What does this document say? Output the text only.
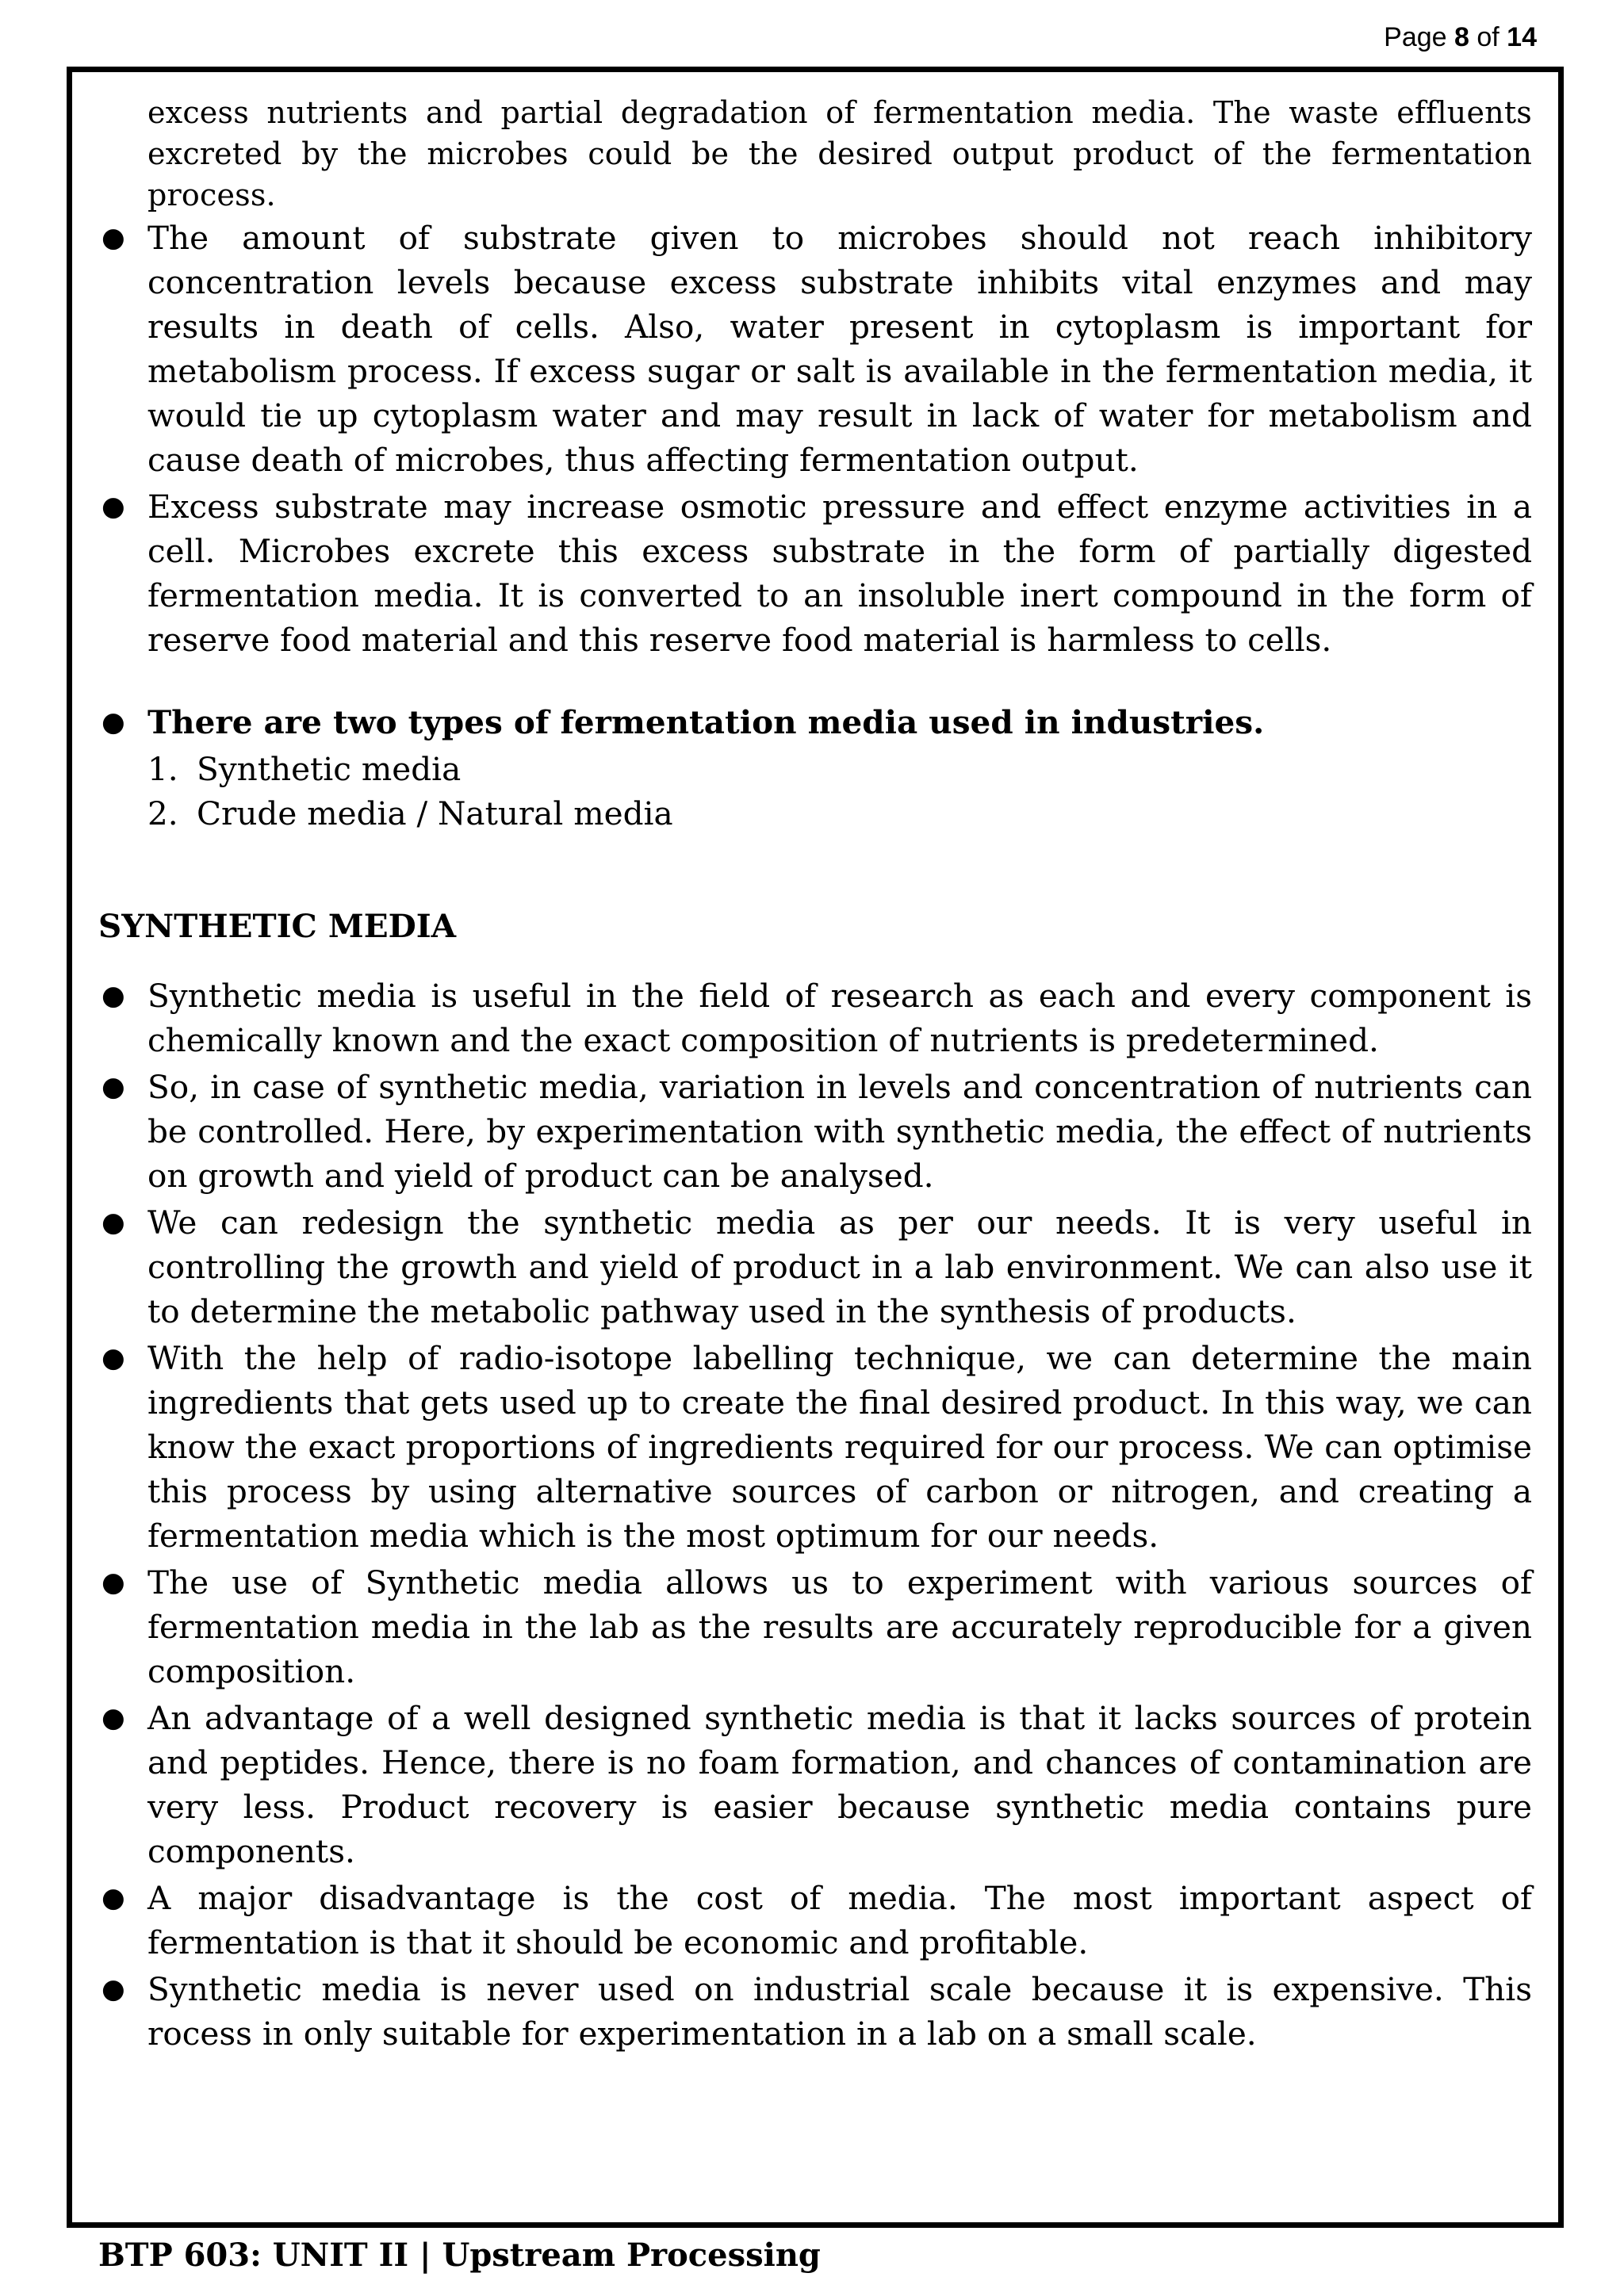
Page 8 of 14

excess nutrients and partial degradation of fermentation media. The waste effluents excreted by the microbes could be the desired output product of the fermentation process.

● The amount of substrate given to microbes should not reach inhibitory concentration levels because excess substrate inhibits vital enzymes and may results in death of cells. Also, water present in cytoplasm is important for metabolism process. If excess sugar or salt is available in the fermentation media, it would tie up cytoplasm water and may result in lack of water for metabolism and cause death of microbes, thus affecting fermentation output.
● Excess substrate may increase osmotic pressure and effect enzyme activities in a cell. Microbes excrete this excess substrate in the form of partially digested fermentation media. It is converted to an insoluble inert compound in the form of reserve food material and this reserve food material is harmless to cells.
● There are two types of fermentation media used in industries.
1. Synthetic media
2. Crude media / Natural media
SYNTHETIC MEDIA
● Synthetic media is useful in the field of research as each and every component is chemically known and the exact composition of nutrients is predetermined.
● So, in case of synthetic media, variation in levels and concentration of nutrients can be controlled. Here, by experimentation with synthetic media, the effect of nutrients on growth and yield of product can be analysed.
● We can redesign the synthetic media as per our needs. It is very useful in controlling the growth and yield of product in a lab environment. We can also use it to determine the metabolic pathway used in the synthesis of products.
● With the help of radio-isotope labelling technique, we can determine the main ingredients that gets used up to create the final desired product. In this way, we can know the exact proportions of ingredients required for our process. We can optimise this process by using alternative sources of carbon or nitrogen, and creating a fermentation media which is the most optimum for our needs.
● The use of Synthetic media allows us to experiment with various sources of fermentation media in the lab as the results are accurately reproducible for a given composition.
● An advantage of a well designed synthetic media is that it lacks sources of protein and peptides. Hence, there is no foam formation, and chances of contamination are very less. Product recovery is easier because synthetic media contains pure components.
● A major disadvantage is the cost of media. The most important aspect of fermentation is that it should be economic and profitable.
● Synthetic media is never used on industrial scale because it is expensive. This rocess in only suitable for experimentation in a lab on a small scale.
BTP 603: UNIT II | Upstream Processing
